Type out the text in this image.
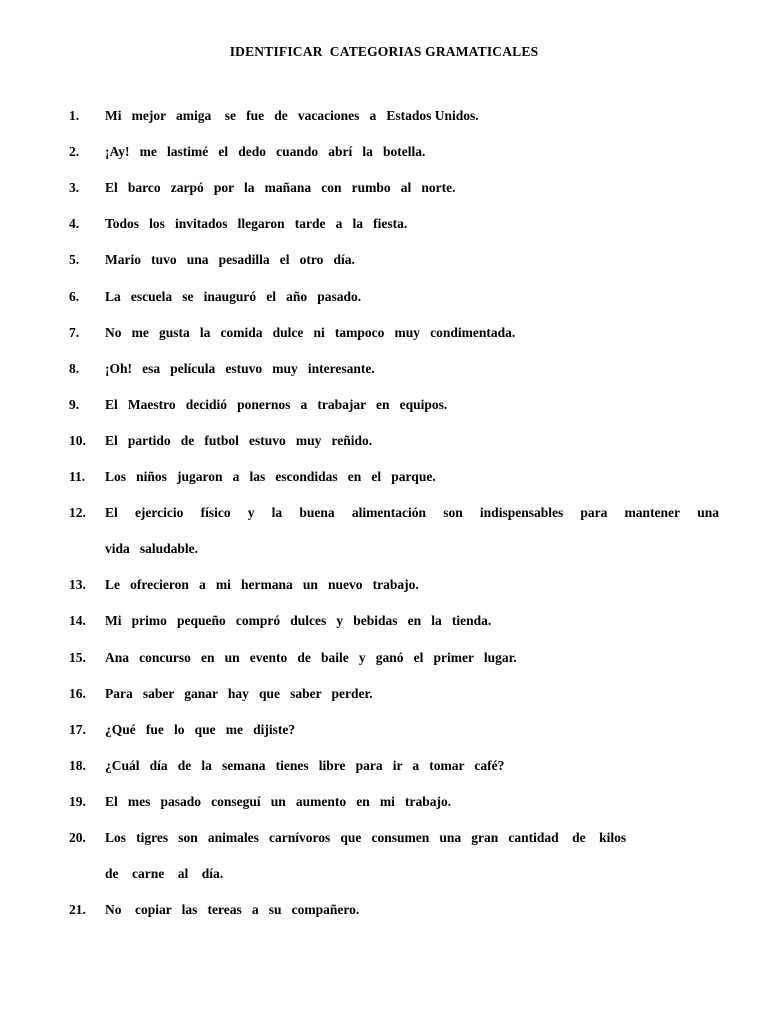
IDENTIFICAR  CATEGORIAS GRAMATICALES
1.	Mi   mejor   amiga    se   fue   de   vacaciones   a   Estados Unidos.
2.	¡Ay!   me   lastimé   el   dedo   cuando   abrí   la   botella.
3.	El   barco   zarpó   por   la   mañana   con   rumbo   al   norte.
4.	Todos   los   invitados   llegaron   tarde   a   la   fiesta.
5.	Mario   tuvo   una   pesadilla   el   otro   día.
6.	La   escuela   se   inauguró   el   año   pasado.
7.	No   me   gusta   la   comida   dulce   ni   tampoco   muy   condimentada.
8.	¡Oh!   esa   película   estuvo   muy   interesante.
9.	El   Maestro   decidió   ponernos   a   trabajar   en   equipos.
10.	El   partido   de   futbol   estuvo   muy   reñido.
11.	Los   niños   jugaron   a   las   escondidas   en   el   parque.
12.	El ejercicio físico y la buena alimentación son indispensables para mantener una
vida   saludable.
13.	Le   ofrecieron   a   mi   hermana   un   nuevo   trabajo.
14.	Mi   primo   pequeño   compró   dulces   y   bebidas   en   la   tienda.
15.	Ana   concurso   en   un   evento   de   baile   y   ganó   el   primer   lugar.
16.	Para   saber   ganar   hay   que   saber   perder.
17.	¿Qué   fue   lo   que   me   dijiste?
18.	¿Cuál   día   de   la   semana   tienes   libre   para   ir   a   tomar   café?
19.	El   mes   pasado   conseguí   un   aumento   en   mi   trabajo.
20.	Los   tigres   son   animales   carnívoros   que   consumen   una   gran   cantidad    de    kilos
de    carne    al    día.
21.	No    copiar   las   tereas   a   su   compañero.
